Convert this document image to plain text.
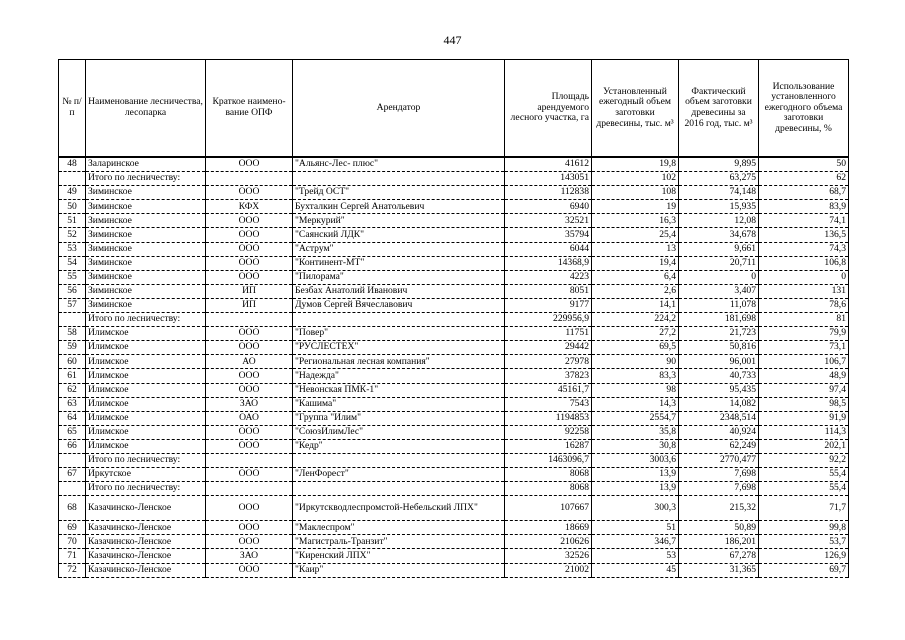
447
№ п/п	Наименование лесничества, лесопарка	Краткое наимено-вание ОПФ	Арендатор	Площадь арендуемого лесного участка, га	Установленный ежегодный объем заготовки древесины, тыс. м³	Фактический объем заготовки древесины за 2016 год, тыс. м³	Использование установленного ежегодного объема заготовки древесины, %
48	Заларинское	ООО	"Альянс-Лес- плюс"	41612	19,8	9,895	50
	Итого по лесничеству:			143051	102	63,275	62
49	Зиминское	ООО	"Трейд ОСТ"	112838	108	74,148	68,7
50	Зиминское	КФХ	Бухталкин Сергей Анатольевич	6940	19	15,935	83,9
51	Зиминское	ООО	"Меркурий"	32521	16,3	12,08	74,1
52	Зиминское	ООО	"Саянский ЛДК"	35794	25,4	34,678	136,5
53	Зиминское	ООО	"Аструм"	6044	13	9,661	74,3
54	Зиминское	ООО	"Континент-МТ"	14368,9	19,4	20,711	106,8
55	Зиминское	ООО	"Пилорама"	4223	6,4	0	0
56	Зиминское	ИП	Безбах Анатолий Иванович	8051	2,6	3,407	131
57	Зиминское	ИП	Думов Сергей Вячеславович	9177	14,1	11,078	78,6
	Итого по лесничеству:			229956,9	224,2	181,698	81
58	Илимское	ООО	"Повер"	11751	27,2	21,723	79,9
59	Илимское	ООО	"РУСЛЕСТЕХ"	29442	69,5	50,816	73,1
60	Илимское	АО	"Региональная лесная компания"	27978	90	96,001	106,7
61	Илимское	ООО	"Надежда"	37823	83,3	40,733	48,9
62	Илимское	ООО	"Невонская ПМК-1"	45161,7	98	95,435	97,4
63	Илимское	ЗАО	"Кашима"	7543	14,3	14,082	98,5
64	Илимское	ОАО	"Группа "Илим"	1194853	2554,7	2348,514	91,9
65	Илимское	ООО	"СоюзИлимЛес"	92258	35,8	40,924	114,3
66	Илимское	ООО	"Кедр"	16287	30,8	62,249	202,1
	Итого по лесничеству:			1463096,7	3003,6	2770,477	92,2
67	Иркутское	ООО	"ЛенФорест"	8068	13,9	7,698	55,4
	Итого по лесничеству:			8068	13,9	7,698	55,4
68	Казачинско-Ленское	ООО	"Иркутскводлеспромстой-Небельский ЛПХ"	107667	300,3	215,32	71,7
69	Казачинско-Ленское	ООО	"Маклеспром"	18669	51	50,89	99,8
70	Казачинско-Ленское	ООО	"Магистраль-Транзит"	210626	346,7	186,201	53,7
71	Казачинско-Ленское	ЗАО	"Киренский ЛПХ"	32526	53	67,278	126,9
72	Казачинско-Ленское	ООО	"Каир"	21002	45	31,365	69,7
